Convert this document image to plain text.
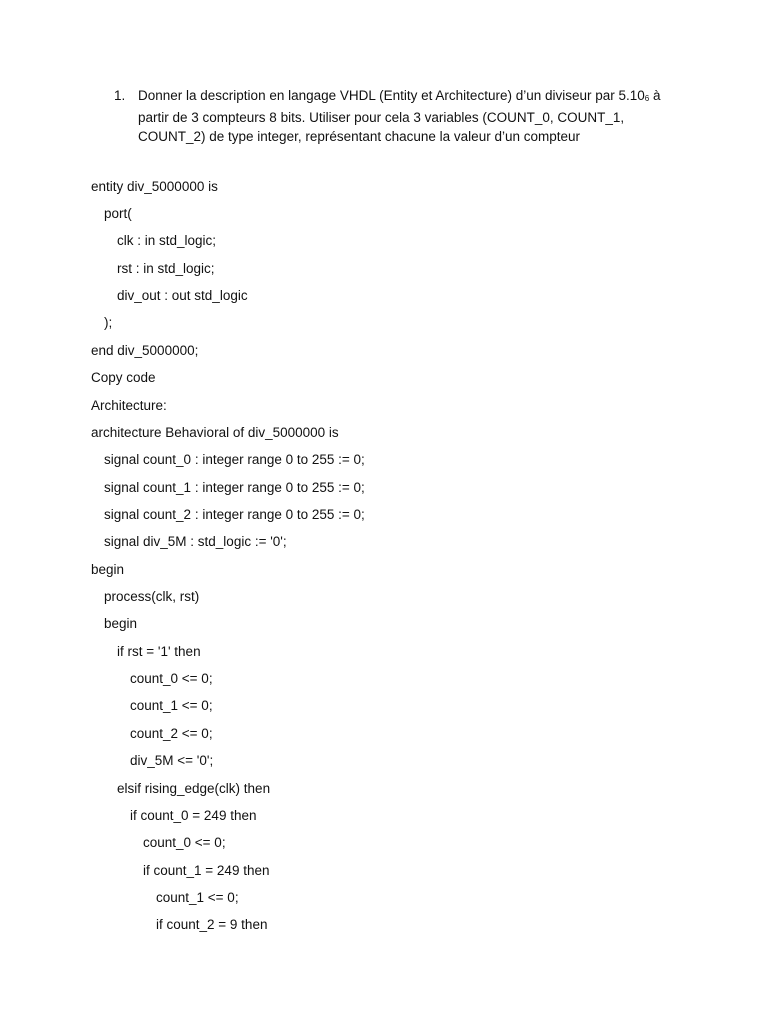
1. Donner la description en langage VHDL (Entity et Architecture) d’un diviseur par 5.10$^6$ à partir de 3 compteurs 8 bits. Utiliser pour cela 3 variables (COUNT_0, COUNT_1, COUNT_2) de type integer, représentant chacune la valeur d’un compteur
entity div_5000000 is
port(
clk : in std_logic;
rst : in std_logic;
div_out : out std_logic
);
end div_5000000;
Copy code
Architecture:
architecture Behavioral of div_5000000 is
signal count_0 : integer range 0 to 255 := 0;
signal count_1 : integer range 0 to 255 := 0;
signal count_2 : integer range 0 to 255 := 0;
signal div_5M : std_logic := '0';
begin
process(clk, rst)
begin
if rst = '1' then
count_0 <= 0;
count_1 <= 0;
count_2 <= 0;
div_5M <= '0';
elsif rising_edge(clk) then
if count_0 = 249 then
count_0 <= 0;
if count_1 = 249 then
count_1 <= 0;
if count_2 = 9 then
